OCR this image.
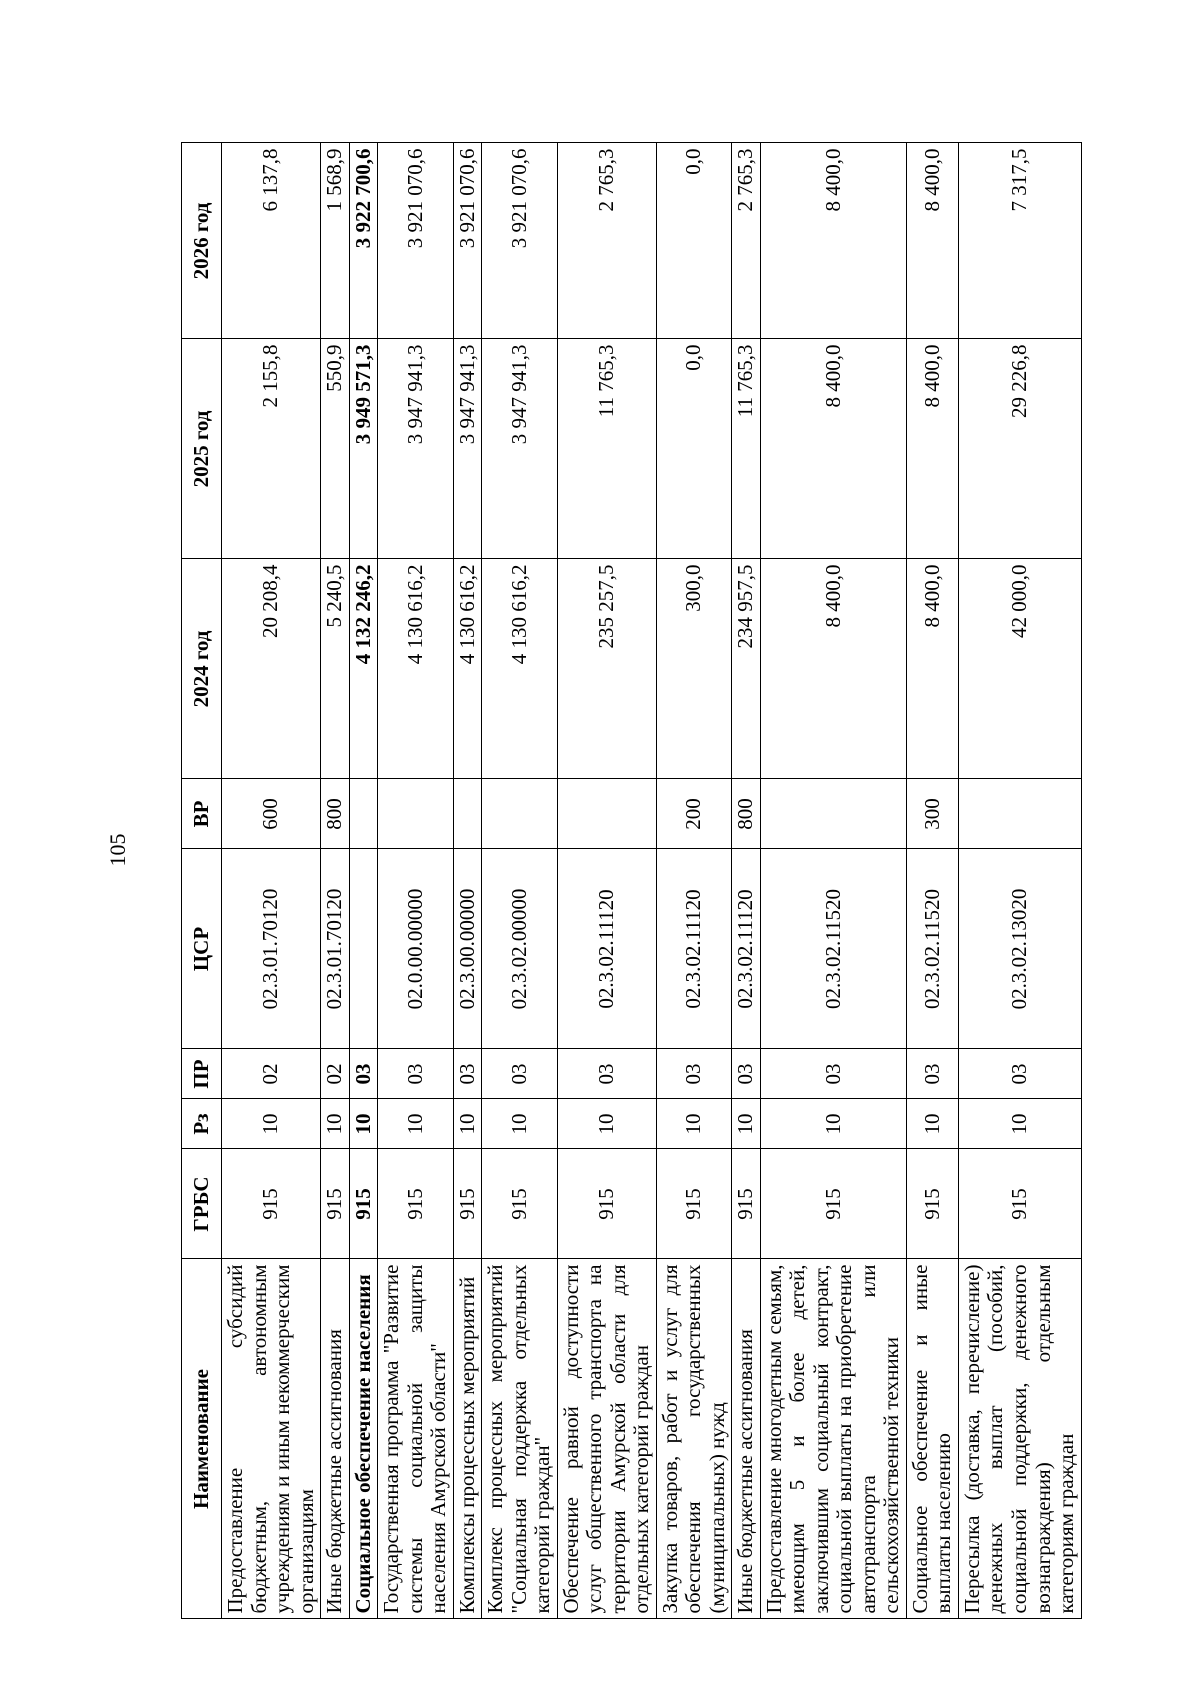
105
	Наименование	ГРБС	Рз	ПР	ЦСР	ВР	2024 год	2025 год	2026 год
	Предоставление субсидий бюджетным, автономным учреждениям и иным некоммерческим организациям	915	10	02	02.3.01.70120	600	20 208,4	2 155,8	6 137,8
	Иные бюджетные ассигнования	915	10	02	02.3.01.70120	800	5 240,5	550,9	1 568,9
	Социальное обеспечение населения	915	10	03			4 132 246,2	3 949 571,3	3 922 700,6
	Государственная программа "Развитие системы социальной защиты населения Амурской области"	915	10	03	02.0.00.00000		4 130 616,2	3 947 941,3	3 921 070,6
	Комплексы процессных мероприятий	915	10	03	02.3.00.00000		4 130 616,2	3 947 941,3	3 921 070,6
	Комплекс процессных мероприятий "Социальная поддержка отдельных категорий граждан"	915	10	03	02.3.02.00000		4 130 616,2	3 947 941,3	3 921 070,6
	Обеспечение равной доступности услуг общественного транспорта на территории Амурской области для отдельных категорий граждан	915	10	03	02.3.02.11120		235 257,5	11 765,3	2 765,3
	Закупка товаров, работ и услуг для обеспечения государственных (муниципальных) нужд	915	10	03	02.3.02.11120	200	300,0	0,0	0,0
	Иные бюджетные ассигнования	915	10	03	02.3.02.11120	800	234 957,5	11 765,3	2 765,3
	Предоставление многодетным семьям, имеющим 5 и более детей, заключившим социальный контракт, социальной выплаты на приобретение автотранспорта или сельскохозяйственной техники	915	10	03	02.3.02.11520		8 400,0	8 400,0	8 400,0
	Социальное обеспечение и иные выплаты населению	915	10	03	02.3.02.11520	300	8 400,0	8 400,0	8 400,0
	Пересылка (доставка, перечисление) денежных выплат (пособий, социальной поддержки, денежного вознаграждения) отдельным категориям граждан	915	10	03	02.3.02.13020		42 000,0	29 226,8	7 317,5
